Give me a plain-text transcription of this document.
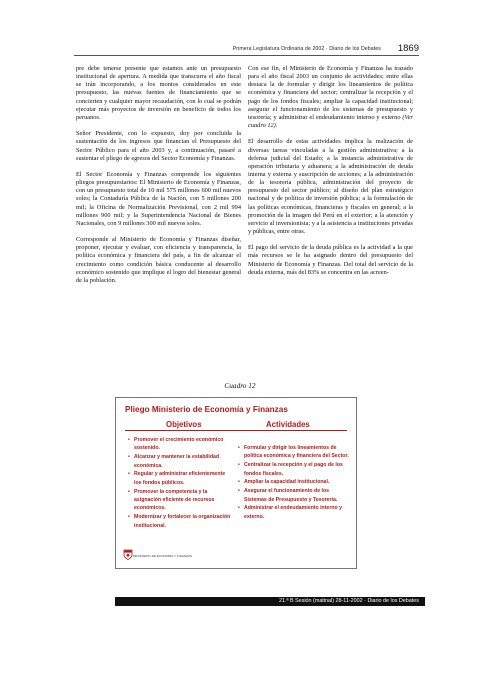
Primera Legislatura Ordinaria de 2002 · Diario de los Debates 1869

pre debe tenerse presente que estamos ante un presupuesto institucional de apertura. A medida que transcurra el año fiscal se irán incorporando, a los montos considerados en este presupuesto, las nuevas fuentes de financiamiento que se concierten y cualquier mayor recaudación, con lo cual se podrán ejecutar más proyectos de inversión en beneficio de todos los peruanos.

Señor Presidente, con lo expuesto, doy por concluida la sustentación de los ingresos que financian el Presupuesto del Sector Público para el año 2003 y, a continuación, pasaré a sustentar el pliego de egresos del Sector Economía y Finanzas.

El Sector Economía y Finanzas comprende los siguientes pliegos presupuestarios: El Ministerio de Economía y Finanzas, con un presupuesto total de 10 mil 575 millones 600 mil nuevos soles; la Contaduría Pública de la Nación, con 5 millones 200 mil; la Oficina de Normalización Previsional, con 2 mil 994 millones 900 mil; y la Superintendencia Nacional de Bienes Nacionales, con 9 millones 300 mil nuevos soles.

Corresponde al Ministerio de Economía y Finanzas diseñar, proponer, ejecutar y evaluar, con eficiencia y transparencia, la política económica y financiera del país, a fin de alcanzar el crecimiento como condición básica conducente al desarrollo económico sostenido que implique el logro del bienestar general de la población.

Con ese fin, el Ministerio de Economía y Finanzas ha trazado para el año fiscal 2003 un conjunto de actividades; entre ellas destaca la de formular y dirigir los lineamientos de política económica y financiera del sector; centralizar la recepción y el pago de los fondos fiscales; ampliar la capacidad institucional; asegurar el funcionamiento de los sistemas de presupuesto y tesorería; y administrar el endeudamiento interno y externo (Ver cuadro 12).

El desarrollo de estas actividades implica la realización de diversas tareas vinculadas a la gestión administrativa; a la defensa judicial del Estado; a la instancia administrativa de operación tributaria y aduanera; a la administración de deuda interna y externa y suscripción de acciones; a la administración de la tesorería pública, administración del proyecto de presupuesto del sector público; al diseño del plan estratégico nacional y de política de inversión pública; a la formulación de las políticas económicas, financieras y fiscales en general; a la promoción de la imagen del Perú en el exterior; a la atención y servicio al inversionista; y a la asistencia a instituciones privadas y públicas, entre otras.

El pago del servicio de la deuda pública es la actividad a la que más recursos se le ha asignado dentro del presupuesto del Ministerio de Economía y Finanzas. Del total del servicio de la deuda externa, más del 83% se concentra en las acreen-

Cuadro 12
Pliego Ministerio de Economía y Finanzas
Objetivos	Actividades
• Promover el crecimiento económico sostenido.
• Alcanzar y mantener la estabilidad económica.
• Regular y administrar eficientemente los fondos públicos.
• Promover la competencia y la asignación eficiente de recursos económicos.
• Modernizar y fortalecer la organización institucional.
• Formular y dirigir los lineamientos de política económica y financiera del Sector.
• Centralizar la recepción y el pago de los fondos fiscales.
• Ampliar la capacidad institucional.
• Asegurar el funcionamiento de los Sistemas de Presupuesto y Tesorería.
• Administrar el endeudamiento interno y externo.
MINISTERIO DE ECONOMÍA Y FINANZAS
21.ª B Sesión (matinal) 28-11-2002 · Diario de los Debates
